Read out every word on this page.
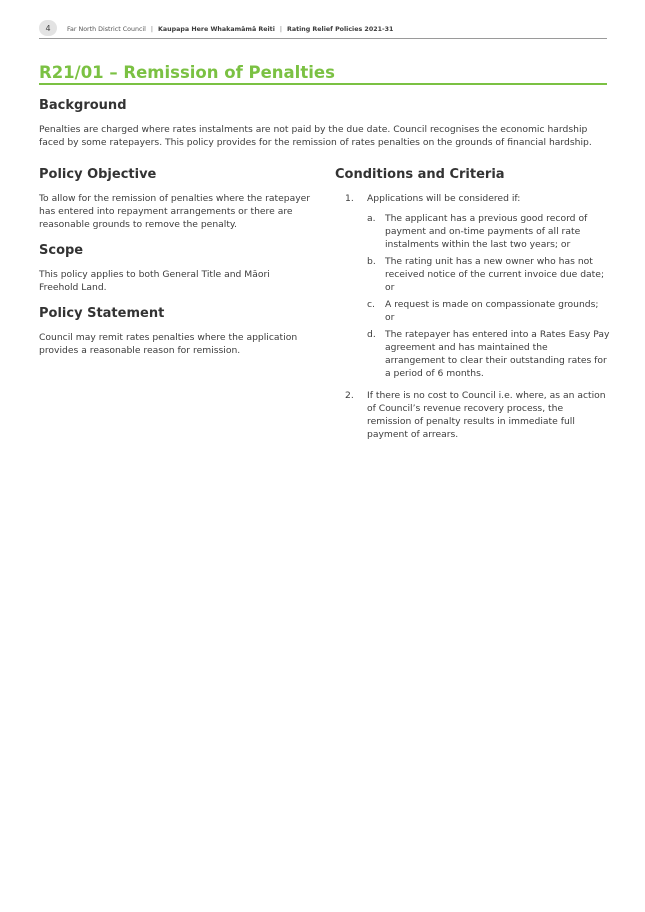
4	Far North District Council | Kaupapa Here Whakamāmā Reiti | Rating Relief Policies 2021-31
R21/01 – Remission of Penalties
Background

Penalties are charged where rates instalments are not paid by the due date. Council recognises the economic hardship faced by some ratepayers. This policy provides for the remission of rates penalties on the grounds of financial hardship.

Policy Objective

To allow for the remission of penalties where the ratepayer has entered into repayment arrangements or there are reasonable grounds to remove the penalty.

Scope

This policy applies to both General Title and Māori Freehold Land.

Policy Statement

Council may remit rates penalties where the application provides a reasonable reason for remission.

Conditions and Criteria
1.	Applications will be considered if:
a.	The applicant has a previous good record of payment and on-time payments of all rate instalments within the last two years; or
b.	The rating unit has a new owner who has not received notice of the current invoice due date; or
c.	A request is made on compassionate grounds; or
d.	The ratepayer has entered into a Rates Easy Pay agreement and has maintained the arrangement to clear their outstanding rates for a period of 6 months.
2.	If there is no cost to Council i.e. where, as an action of Council’s revenue recovery process, the remission of penalty results in immediate full payment of arrears.
